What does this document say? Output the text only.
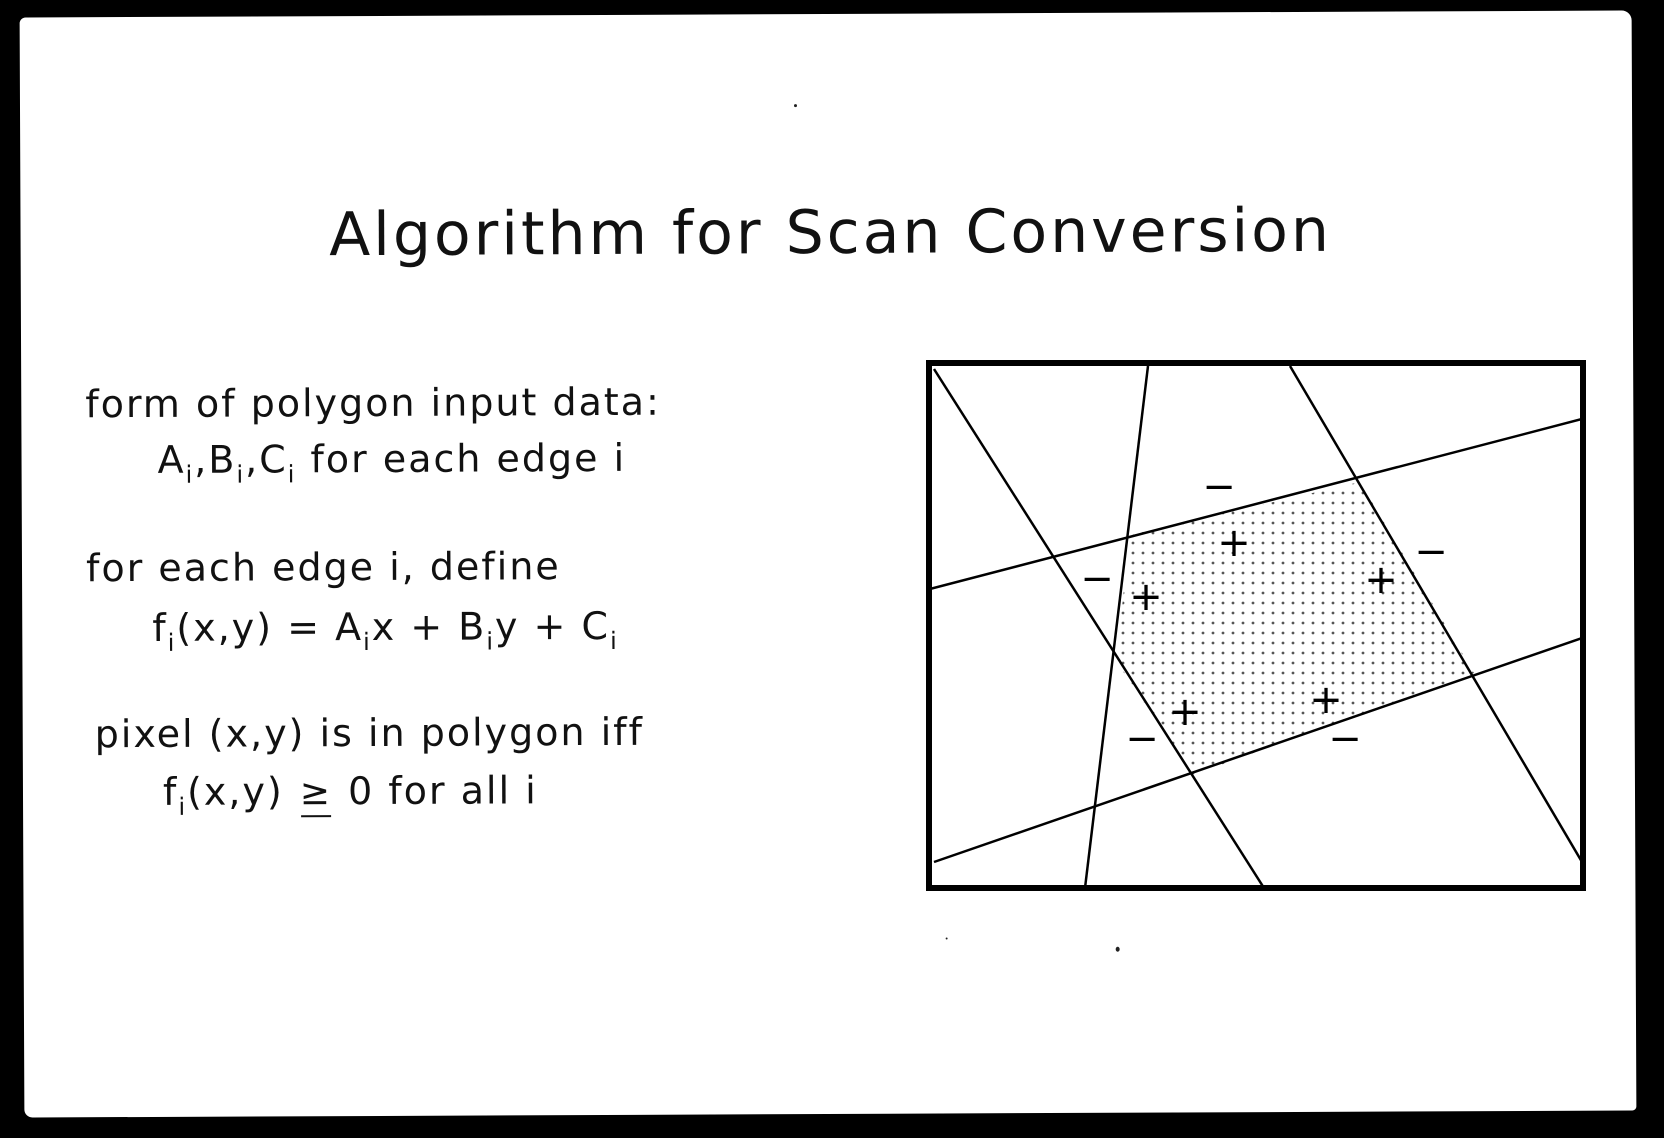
Algorithm for Scan Conversion
form of polygon input data:
$A_i,B_i,C_i$ for each edge i
for each edge i, define
$f_i(x,y) = A_ix + B_iy + C_i$
pixel (x,y) is in polygon iff
$f_i(x,y) \ge 0$ for all i
+
+	+
+	+
−
−
−
−	−
